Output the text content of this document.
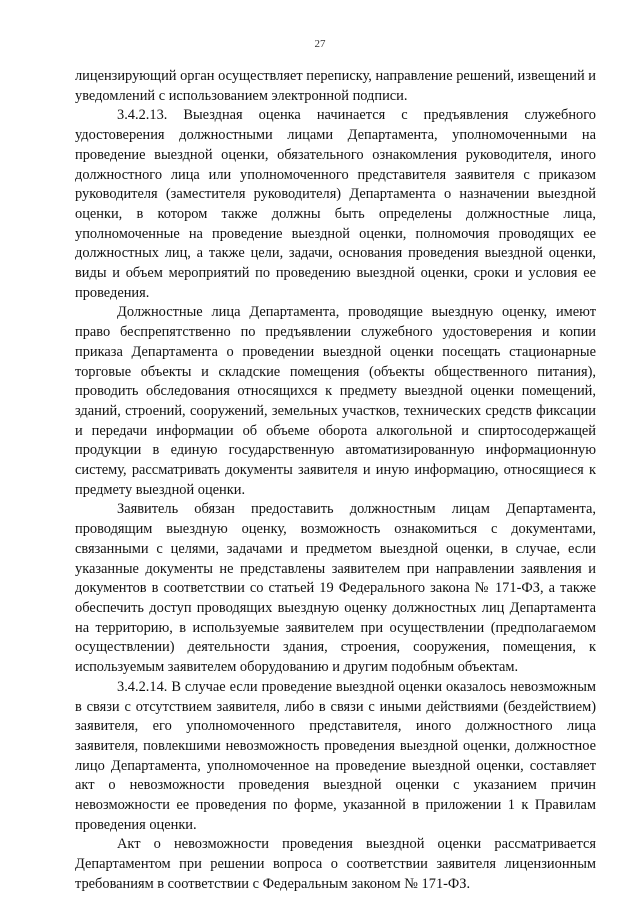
27

лицензирующий орган осуществляет переписку, направление решений, извещений и уведомлений с использованием электронной подписи.

3.4.2.13. Выездная оценка начинается с предъявления служебного удостоверения должностными лицами Департамента, уполномоченными на проведение выездной оценки, обязательного ознакомления руководителя, иного должностного лица или уполномоченного представителя заявителя с приказом руководителя (заместителя руководителя) Департамента о назначении выездной оценки, в котором также должны быть определены должностные лица, уполномоченные на проведение выездной оценки, полномочия проводящих ее должностных лиц, а также цели, задачи, основания проведения выездной оценки, виды и объем мероприятий по проведению выездной оценки, сроки и условия ее проведения.

Должностные лица Департамента, проводящие выездную оценку, имеют право беспрепятственно по предъявлении служебного удостоверения и копии приказа Департамента о проведении выездной оценки посещать стационарные торговые объекты и складские помещения (объекты общественного питания), проводить обследования относящихся к предмету выездной оценки помещений, зданий, строений, сооружений, земельных участков, технических средств фиксации и передачи информации об объеме оборота алкогольной и спиртосодержащей продукции в единую государственную автоматизированную информационную систему, рассматривать документы заявителя и иную информацию, относящиеся к предмету выездной оценки.

Заявитель обязан предоставить должностным лицам Департамента, проводящим выездную оценку, возможность ознакомиться с документами, связанными с целями, задачами и предметом выездной оценки, в случае, если указанные документы не представлены заявителем при направлении заявления и документов в соответствии со статьей 19 Федерального закона № 171-ФЗ, а также обеспечить доступ проводящих выездную оценку должностных лиц Департамента на территорию, в используемые заявителем при осуществлении (предполагаемом осуществлении) деятельности здания, строения, сооружения, помещения, к используемым заявителем оборудованию и другим подобным объектам.

3.4.2.14. В случае если проведение выездной оценки оказалось невозможным в связи с отсутствием заявителя, либо в связи с иными действиями (бездействием) заявителя, его уполномоченного представителя, иного должностного лица заявителя, повлекшими невозможность проведения выездной оценки, должностное лицо Департамента, уполномоченное на проведение выездной оценки, составляет акт о невозможности проведения выездной оценки с указанием причин невозможности ее проведения по форме, указанной в приложении 1 к Правилам проведения оценки.

Акт о невозможности проведения выездной оценки рассматривается Департаментом при решении вопроса о соответствии заявителя лицензионным требованиям в соответствии с Федеральным законом № 171-ФЗ.
